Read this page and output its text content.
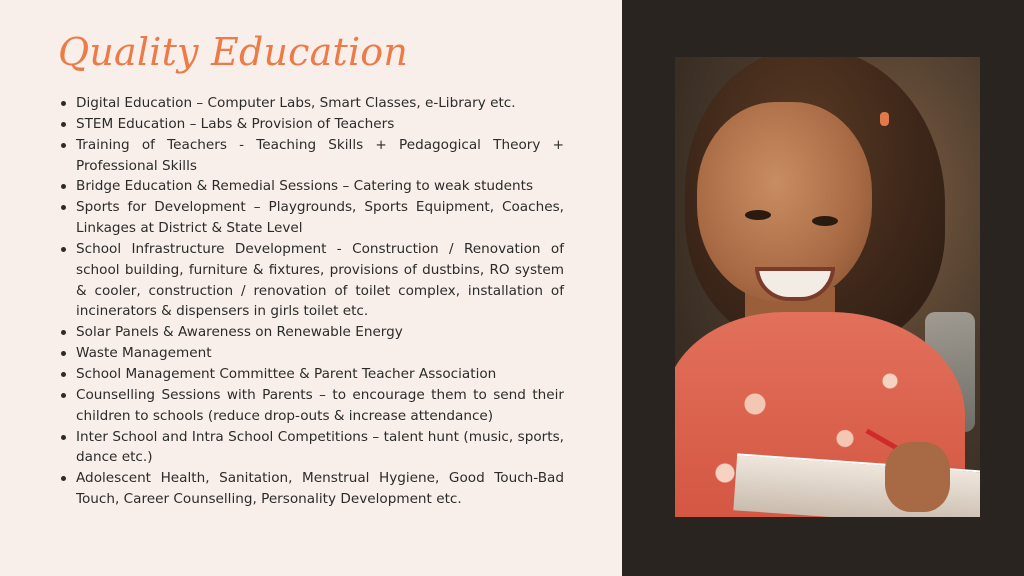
Quality Education
Digital Education – Computer Labs, Smart Classes, e-Library etc.
STEM Education – Labs & Provision of Teachers
Training of Teachers - Teaching Skills + Pedagogical Theory + Professional Skills
Bridge Education & Remedial Sessions – Catering to weak students
Sports for Development – Playgrounds, Sports Equipment, Coaches, Linkages at District & State Level
School Infrastructure Development - Construction / Renovation of school building, furniture & fixtures, provisions of dustbins, RO system & cooler, construction / renovation of toilet complex, installation of incinerators & dispensers in girls toilet etc.
Solar Panels & Awareness on Renewable Energy
Waste Management
School Management Committee & Parent Teacher Association
Counselling Sessions with Parents – to encourage them to send their children to schools (reduce drop-outs & increase attendance)
Inter School and Intra School Competitions – talent hunt (music, sports, dance etc.)
Adolescent Health, Sanitation, Menstrual Hygiene, Good Touch-Bad Touch, Career Counselling, Personality Development etc.
